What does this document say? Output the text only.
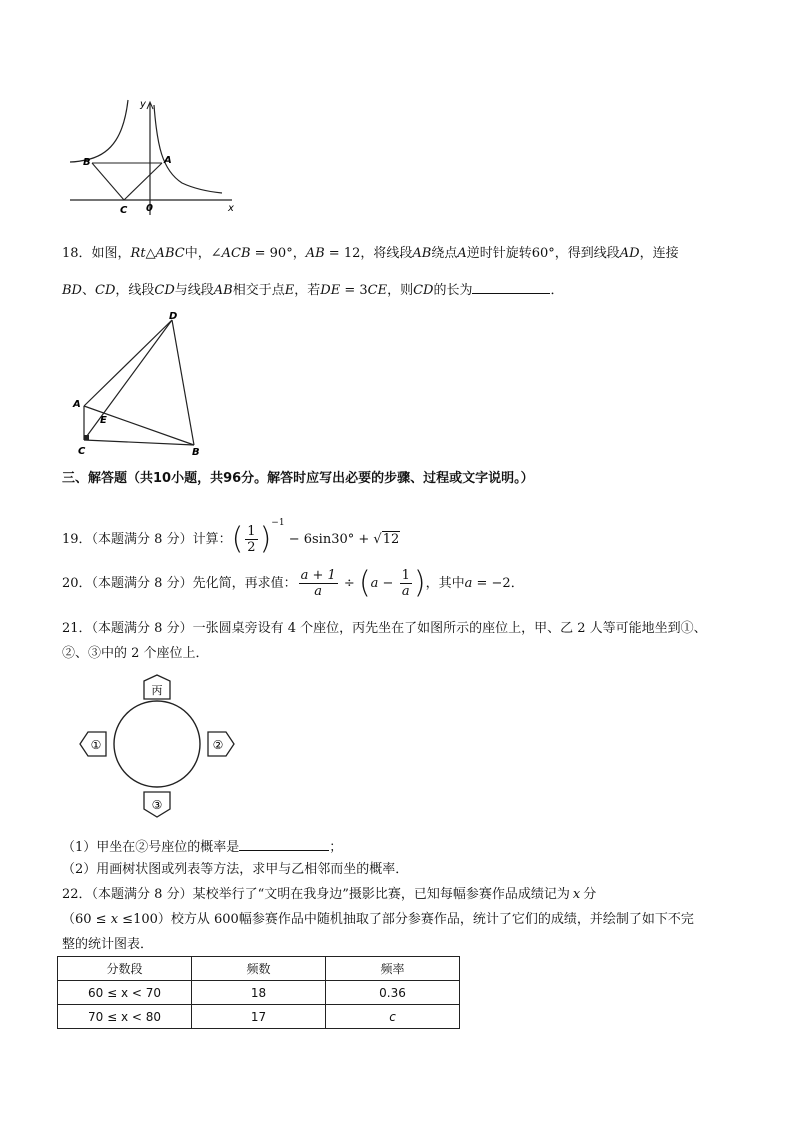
y
x
B	A
C 0
18．如图，Rt△ABC中，∠ACB = 90°，AB = 12，将线段AB绕点A逆时针旋转60°，得到线段AD，连接
BD、CD，线段CD与线段AB相交于点E，若DE = 3CE，则CD的长为	．
D
A
E
C	B
三、解答题（共10小题，共96分。解答时应写出必要的步骤、过程或文字说明。）
19．（本题满分 8 分）计算：( $\frac{1}{2} )^{-1} - 6\sin 30^\circ + √12$
20．（本题满分 8 分）先化简，再求值： $\frac{a + 1}{a} \div (a - \frac{1}{a}$ )，其中a = −2．
21．（本题满分 8 分）一张圆桌旁设有 4 个座位，丙先坐在了如图所示的座位上，甲、乙 2 人等可能地坐到①、
②、③中的 2 个座位上．
丙
①	②
③
（1）甲坐在②号座位的概率是	；
（2）用画树状图或列表等方法，求甲与乙相邻而坐的概率．
22．（本题满分 8 分）某校举行了“文明在我身边”摄影比赛，已知每幅参赛作品成绩记为 x 分
（60 ≤ x ≤100）校方从 600幅参赛作品中随机抽取了部分参赛作品，统计了它们的成绩，并绘制了如下不完
整的统计图表．
分数段	频数	频率
60 ≤ x < 70	18	0.36
70 ≤ x < 80	17	c
